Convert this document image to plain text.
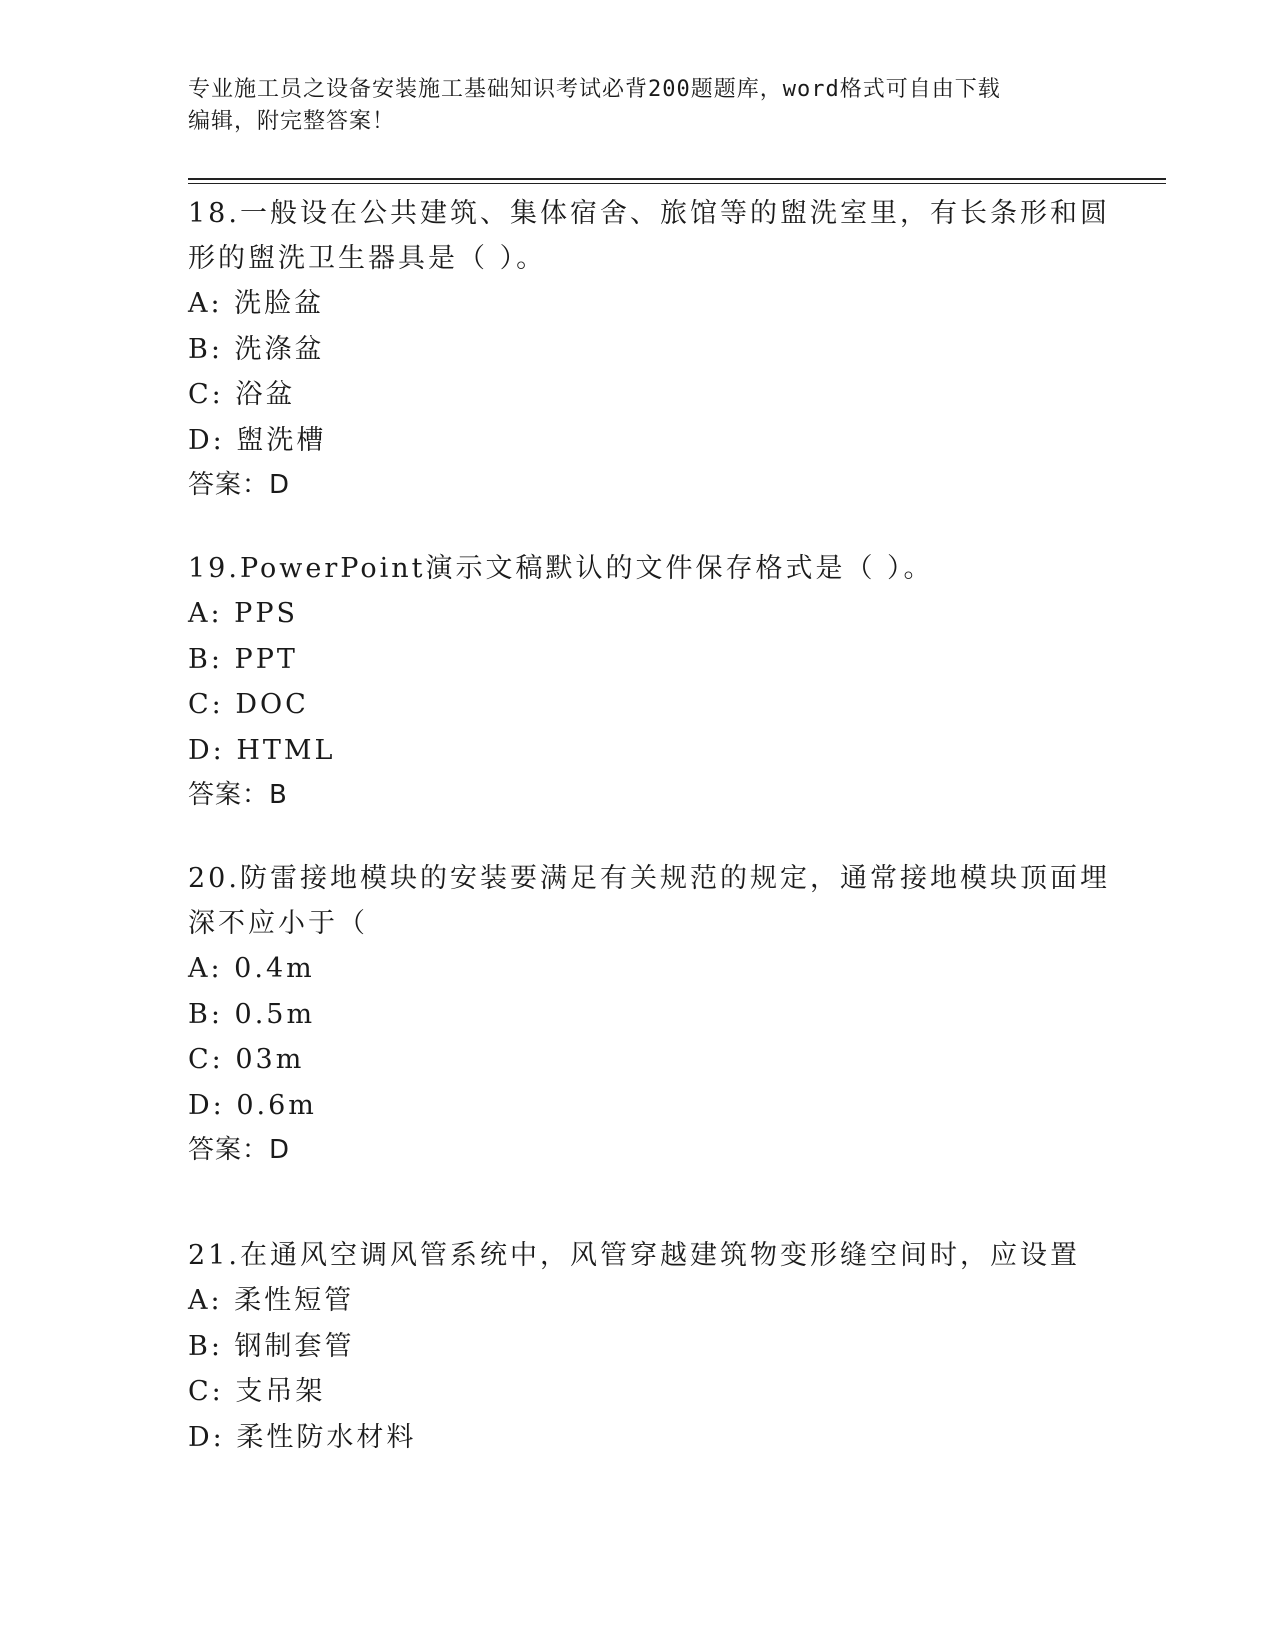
专业施工员之设备安装施工基础知识考试必背200题题库，word格式可自由下载
编辑，附完整答案！
18.一般设在公共建筑、集体宿舍、旅馆等的盥洗室里，有长条形和圆
形的盥洗卫生器具是（ ）。
A: 洗脸盆
B: 洗涤盆
C: 浴盆
D: 盥洗槽
答案：D
19.PowerPoint演示文稿默认的文件保存格式是（ ）。
A: PPS
B: PPT
C: DOC
D: HTML
答案：B
20.防雷接地模块的安装要满足有关规范的规定，通常接地模块顶面埋
深不应小于（
A: 0.4m
B: 0.5m
C: 03m
D: 0.6m
答案：D
21.在通风空调风管系统中，风管穿越建筑物变形缝空间时，应设置
A: 柔性短管
B: 钢制套管
C: 支吊架
D: 柔性防水材料
